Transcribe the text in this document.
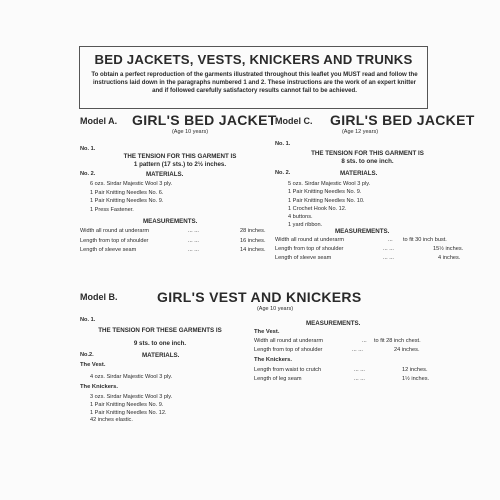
BED JACKETS, VESTS, KNICKERS AND TRUNKS
To obtain a perfect reproduction of the garments illustrated throughout this leaflet you MUST read and follow the instructions laid down in the paragraphs numbered 1 and 2. These instructions are the work of an expert knitter and if followed carefully satisfactory results cannot fail to be achieved.
Model A. GIRL'S BED JACKET
(Age 10 years)
No. 1.
THE TENSION FOR THIS GARMENT IS
1 pattern (17 sts.) to 2½ inches.
No. 2.	MATERIALS.
6 ozs. Sirdar Majestic Wool 3 ply.
1 Pair Knitting Needles No. 6.
1 Pair Knitting Needles No. 9.
1 Press Fastener.
MEASUREMENTS.
Width all round at underarm	... ...	28 inches.
Length from top of shoulder	... ...	16 inches.
Length of sleeve seam	... ...	14 inches.
Model C. GIRL'S BED JACKET
(Age 12 years)
No. 1.
THE TENSION FOR THIS GARMENT IS
8 sts. to one inch.
No. 2.	MATERIALS.
5 ozs. Sirdar Majestic Wool 3 ply.
1 Pair Knitting Needles No. 9.
1 Pair Knitting Needles No. 10.
1 Crochet Hook No. 12.
4 buttons.
1 yard ribbon.
MEASUREMENTS.
Width all round at underarm	... to fit 30 inch bust.
Length from top of shoulder	... ...	15½ inches.
Length of sleeve seam	... ...	4 inches.
Model B.	GIRL'S VEST AND KNICKERS
(Age 10 years)
No. 1.
THE TENSION FOR THESE GARMENTS IS
9 sts. to one inch.
No.2.	MATERIALS.
The Vest.
4 ozs. Sirdar Majestic Wool 3 ply.
The Knickers.
3 ozs. Sirdar Majestic Wool 3 ply.
1 Pair Knitting Needles No. 9.
1 Pair Knitting Needles No. 12.
42 inches elastic.
MEASUREMENTS.
The Vest.
Width all round at underarm	... to fit 28 inch chest.
Length from top of shoulder	... ...	24 inches.
The Knickers.
Length from waist to crutch	... ...	12 inches.
Length of leg seam	... ...	1½ inches.
